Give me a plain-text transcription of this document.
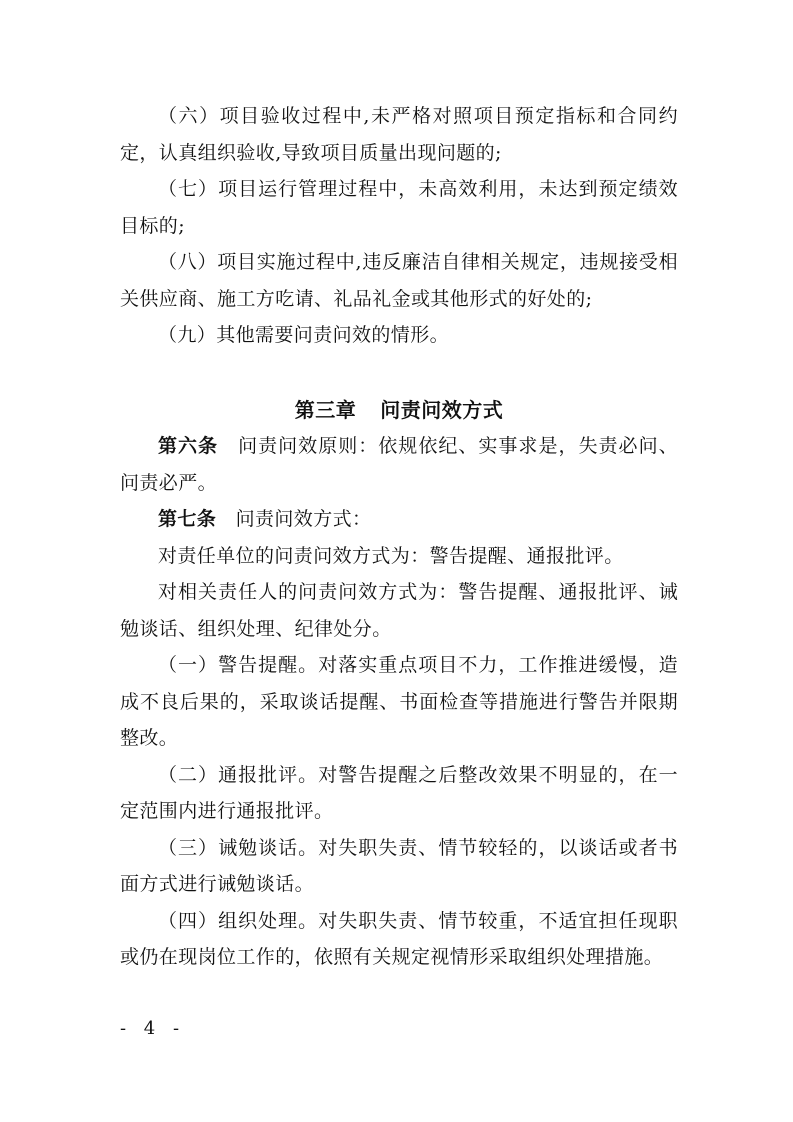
（六）项目验收过程中,未严格对照项目预定指标和合同约定，认真组织验收,导致项目质量出现问题的;

（七）项目运行管理过程中，未高效利用，未达到预定绩效目标的;

（八）项目实施过程中,违反廉洁自律相关规定，违规接受相关供应商、施工方吃请、礼品礼金或其他形式的好处的;

（九）其他需要问责问效的情形。

第三章 问责问效方式

第六条 问责问效原则：依规依纪、实事求是，失责必问、问责必严。

第七条 问责问效方式：

对责任单位的问责问效方式为：警告提醒、通报批评。

对相关责任人的问责问效方式为：警告提醒、通报批评、诫勉谈话、组织处理、纪律处分。

（一）警告提醒。对落实重点项目不力，工作推进缓慢，造成不良后果的，采取谈话提醒、书面检查等措施进行警告并限期整改。

（二）通报批评。对警告提醒之后整改效果不明显的，在一定范围内进行通报批评。

（三）诫勉谈话。对失职失责、情节较轻的，以谈话或者书面方式进行诫勉谈话。

（四）组织处理。对失职失责、情节较重，不适宜担任现职或仍在现岗位工作的，依照有关规定视情形采取组织处理措施。

- 4 -
